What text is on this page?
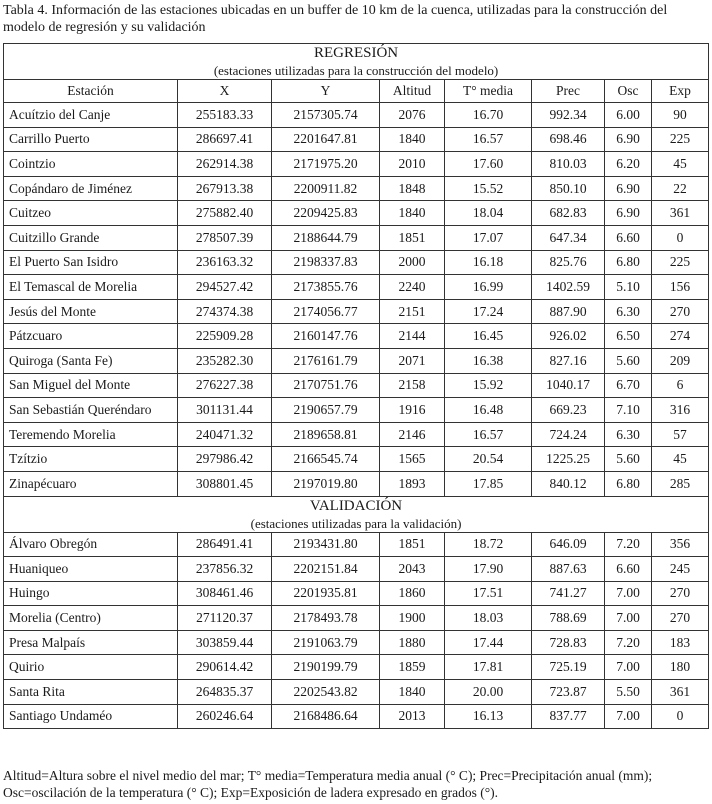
Tabla 4. Información de las estaciones ubicadas en un buffer de 10 km de la cuenca, utilizadas para la construcción del modelo de regresión y su validación
REGRESIÓN
(estaciones utilizadas para la construcción del modelo)							

Estación	X	Y	Altitud	T° media	Prec	Osc	Exp
Acuítzio del Canje	255183.33	2157305.74	2076	16.70	992.34	6.00	90
Carrillo Puerto	286697.41	2201647.81	1840	16.57	698.46	6.90	225
Cointzio	262914.38	2171975.20	2010	17.60	810.03	6.20	45
Copándaro de Jiménez	267913.38	2200911.82	1848	15.52	850.10	6.90	22
Cuitzeo	275882.40	2209425.83	1840	18.04	682.83	6.90	361
Cuitzillo Grande	278507.39	2188644.79	1851	17.07	647.34	6.60	0
El Puerto San Isidro	236163.32	2198337.83	2000	16.18	825.76	6.80	225
El Temascal de Morelia	294527.42	2173855.76	2240	16.99	1402.59	5.10	156
Jesús del Monte	274374.38	2174056.77	2151	17.24	887.90	6.30	270
Pátzcuaro	225909.28	2160147.76	2144	16.45	926.02	6.50	274
Quiroga (Santa Fe)	235282.30	2176161.79	2071	16.38	827.16	5.60	209
San Miguel del Monte	276227.38	2170751.76	2158	15.92	1040.17	6.70	6
San Sebastián Queréndaro	301131.44	2190657.79	1916	16.48	669.23	7.10	316
Teremendo Morelia	240471.32	2189658.81	2146	16.57	724.24	6.30	57
Tzítzio	297986.42	2166545.74	1565	20.54	1225.25	5.60	45
Zinapécuaro	308801.45	2197019.80	1893	17.85	840.12	6.80	285

VALIDACIÓN
(estaciones utilizadas para la validación)							

Álvaro Obregón	286491.41	2193431.80	1851	18.72	646.09	7.20	356
Huaniqueo	237856.32	2202151.84	2043	17.90	887.63	6.60	245
Huingo	308461.46	2201935.81	1860	17.51	741.27	7.00	270
Morelia (Centro)	271120.37	2178493.78	1900	18.03	788.69	7.00	270
Presa Malpaís	303859.44	2191063.79	1880	17.44	728.83	7.20	183
Quirio	290614.42	2190199.79	1859	17.81	725.19	7.00	180
Santa Rita	264835.37	2202543.82	1840	20.00	723.87	5.50	361
Santiago Undaméo	260246.64	2168486.64	2013	16.13	837.77	7.00	0
Altitud=Altura sobre el nivel medio del mar; T° media=Temperatura media anual (° C); Prec=Precipitación anual (mm); Osc=oscilación de la temperatura (° C); Exp=Exposición de ladera expresado en grados (°).
